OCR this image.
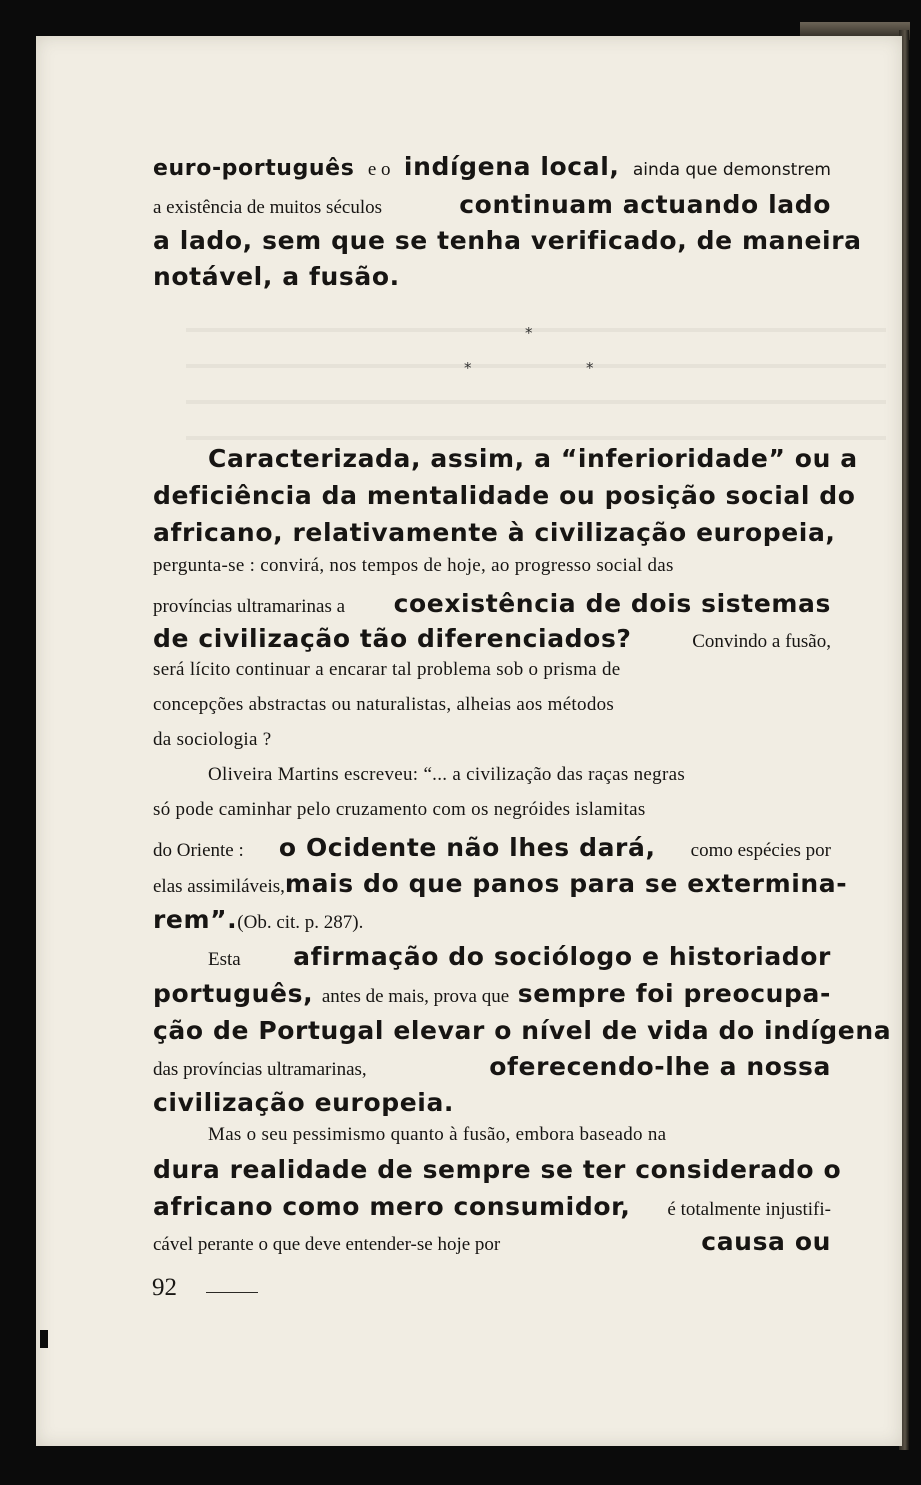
euro-português e o indígena local, ainda que demonstrem
a existência de muitos séculos	continuam actuando lado
a lado, sem que se tenha verificado, de maneira
notável, a fusão.
*
*	*
Caracterizada, assim, a “inferioridade” ou a
deficiência da mentalidade ou posição social do
africano, relativamente à civilização europeia,
pergunta-se : convirá, nos tempos de hoje, ao progresso social das
províncias ultramarinas a coexistência de dois sistemas
de civilização tão diferenciados?	Convindo a fusão,
será lícito continuar a encarar tal problema sob o prisma de
concepções abstractas ou naturalistas, alheias aos métodos
da sociologia ?
Oliveira Martins escreveu: “... a civilização das raças negras
só pode caminhar pelo cruzamento com os negróides islamitas
do Oriente : o Ocidente não lhes dará, como espécies por
elas assimiláveis, mais do que panos para se extermina-
rem”. (Ob. cit. p. 287).
Esta afirmação do sociólogo e historiador
português, antes de mais, prova que sempre foi preocupa-
ção de Portugal elevar o nível de vida do indígena
das províncias ultramarinas,	oferecendo-lhe a nossa
civilização europeia.
Mas o seu pessimismo quanto à fusão, embora baseado na
dura realidade de sempre se ter considerado o
africano como mero consumidor, é totalmente injustifi-
cável perante o que deve entender-se hoje por	causa ou
92
